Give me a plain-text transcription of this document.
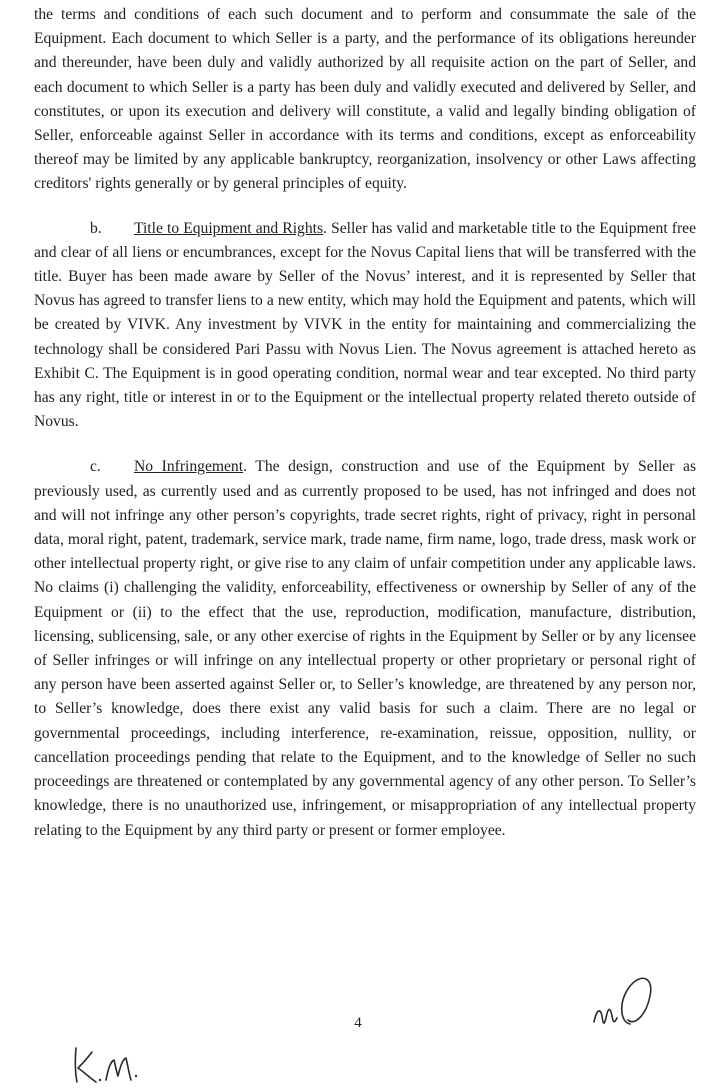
the terms and conditions of each such document and to perform and consummate the sale of the Equipment. Each document to which Seller is a party, and the performance of its obligations hereunder and thereunder, have been duly and validly authorized by all requisite action on the part of Seller, and each document to which Seller is a party has been duly and validly executed and delivered by Seller, and constitutes, or upon its execution and delivery will constitute, a valid and legally binding obligation of Seller, enforceable against Seller in accordance with its terms and conditions, except as enforceability thereof may be limited by any applicable bankruptcy, reorganization, insolvency or other Laws affecting creditors' rights generally or by general principles of equity.

b. Title to Equipment and Rights. Seller has valid and marketable title to the Equipment free and clear of all liens or encumbrances, except for the Novus Capital liens that will be transferred with the title. Buyer has been made aware by Seller of the Novus’ interest, and it is represented by Seller that Novus has agreed to transfer liens to a new entity, which may hold the Equipment and patents, which will be created by VIVK. Any investment by VIVK in the entity for maintaining and commercializing the technology shall be considered Pari Passu with Novus Lien. The Novus agreement is attached hereto as Exhibit C. The Equipment is in good operating condition, normal wear and tear excepted. No third party has any right, title or interest in or to the Equipment or the intellectual property related thereto outside of Novus.

c. No Infringement. The design, construction and use of the Equipment by Seller as previously used, as currently used and as currently proposed to be used, has not infringed and does not and will not infringe any other person’s copyrights, trade secret rights, right of privacy, right in personal data, moral right, patent, trademark, service mark, trade name, firm name, logo, trade dress, mask work or other intellectual property right, or give rise to any claim of unfair competition under any applicable laws. No claims (i) challenging the validity, enforceability, effectiveness or ownership by Seller of any of the Equipment or (ii) to the effect that the use, reproduction, modification, manufacture, distribution, licensing, sublicensing, sale, or any other exercise of rights in the Equipment by Seller or by any licensee of Seller infringes or will infringe on any intellectual property or other proprietary or personal right of any person have been asserted against Seller or, to Seller’s knowledge, are threatened by any person nor, to Seller’s knowledge, does there exist any valid basis for such a claim. There are no legal or governmental proceedings, including interference, re-examination, reissue, opposition, nullity, or cancellation proceedings pending that relate to the Equipment, and to the knowledge of Seller no such proceedings are threatened or contemplated by any governmental agency of any other person. To Seller’s knowledge, there is no unauthorized use, infringement, or misappropriation of any intellectual property relating to the Equipment by any third party or present or former employee.

4
